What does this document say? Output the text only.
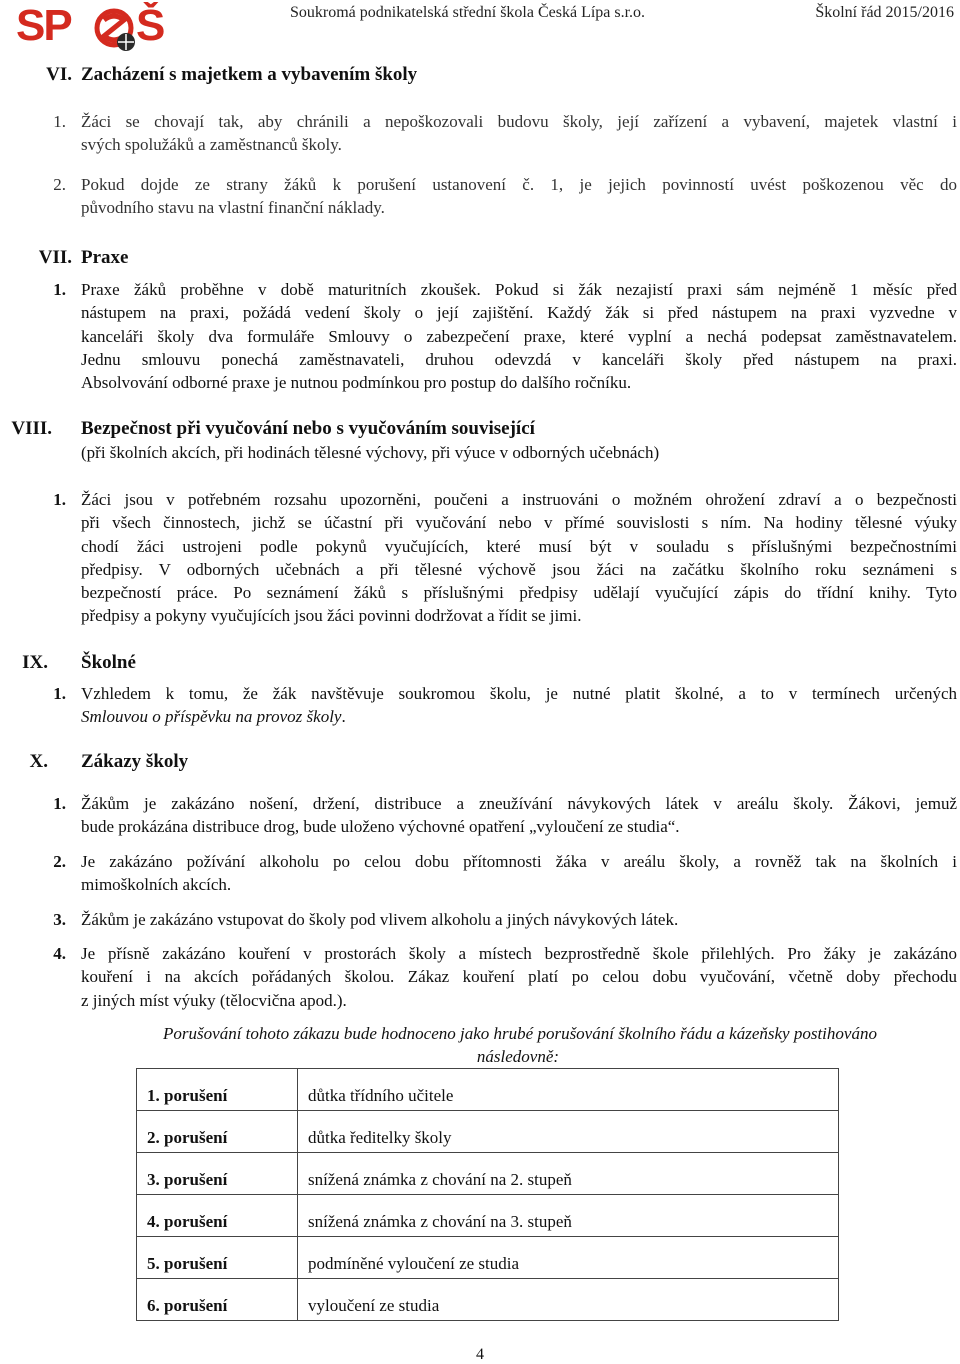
SP Š	Soukromá podnikatelská střední škola Česká Lípa s.r.o.	Školní řád 2015/2016
VI. Zacházení s majetkem a vybavením školy
1. Žáci se chovají tak, aby chránili a nepoškozovali budovu školy, její zařízení a vybavení, majetek vlastní i
svých spolužáků a zaměstnanců školy.
2. Pokud dojde ze strany žáků k porušení ustanovení č. 1, je jejich povinností uvést poškozenou věc do
původního stavu na vlastní finanční náklady.
VII. Praxe
1. Praxe žáků proběhne v době maturitních zkoušek. Pokud si žák nezajistí praxi sám nejméně 1 měsíc před
nástupem na praxi, požádá vedení školy o její zajištění. Každý žák si před nástupem na praxi vyzvedne v
kanceláři školy dva formuláře Smlouvy o zabezpečení praxe, které vyplní a nechá podepsat zaměstnavatelem.
Jednu smlouvu ponechá zaměstnavateli, druhou odevzdá v kanceláři školy před nástupem na praxi.
Absolvování odborné praxe je nutnou podmínkou pro postup do dalšího ročníku.
VIII. Bezpečnost při vyučování nebo s vyučováním související
(při školních akcích, při hodinách tělesné výchovy, při výuce v odborných učebnách)
1. Žáci jsou v potřebném rozsahu upozorněni, poučeni a instruováni o možném ohrožení zdraví a o bezpečnosti
při všech činnostech, jichž se účastní při vyučování nebo v přímé souvislosti s ním. Na hodiny tělesné výuky
chodí žáci ustrojeni podle pokynů vyučujících, které musí být v souladu s příslušnými bezpečnostními
předpisy. V odborných učebnách a při tělesné výchově jsou žáci na začátku školního roku seznámeni s
bezpečností práce. Po seznámení žáků s příslušnými předpisy udělají vyučující zápis do třídní knihy. Tyto
předpisy a pokyny vyučujících jsou žáci povinni dodržovat a řídit se jimi.
IX. Školné
1. Vzhledem k tomu, že žák navštěvuje soukromou školu, je nutné platit školné, a to v termínech určených
Smlouvou o příspěvku na provoz školy.
X. Zákazy školy
1. Žákům je zakázáno nošení, držení, distribuce a zneužívání návykových látek v areálu školy. Žákovi, jemuž
bude prokázána distribuce drog, bude uloženo výchovné opatření „vyloučení ze studia“.
2. Je zakázáno požívání alkoholu po celou dobu přítomnosti žáka v areálu školy, a rovněž tak na školních i
mimoškolních akcích.
3. Žákům je zakázáno vstupovat do školy pod vlivem alkoholu a jiných návykových látek.
4. Je přísně zakázáno kouření v prostorách školy a místech bezprostředně škole přilehlých. Pro žáky je zakázáno
kouření i na akcích pořádaných školou. Zákaz kouření platí po celou dobu vyučování, včetně doby přechodu
z jiných míst výuky (tělocvična apod.).
Porušování tohoto zákazu bude hodnoceno jako hrubé porušování školního řádu a kázeňsky postihováno
následovně:
1. porušení	důtka třídního učitele
2. porušení	důtka ředitelky školy
3. porušení	snížená známka z chování na 2. stupeň
4. porušení	snížená známka z chování na 3. stupeň
5. porušení	podmíněné vyloučení ze studia
6. porušení	vyloučení ze studia
4
